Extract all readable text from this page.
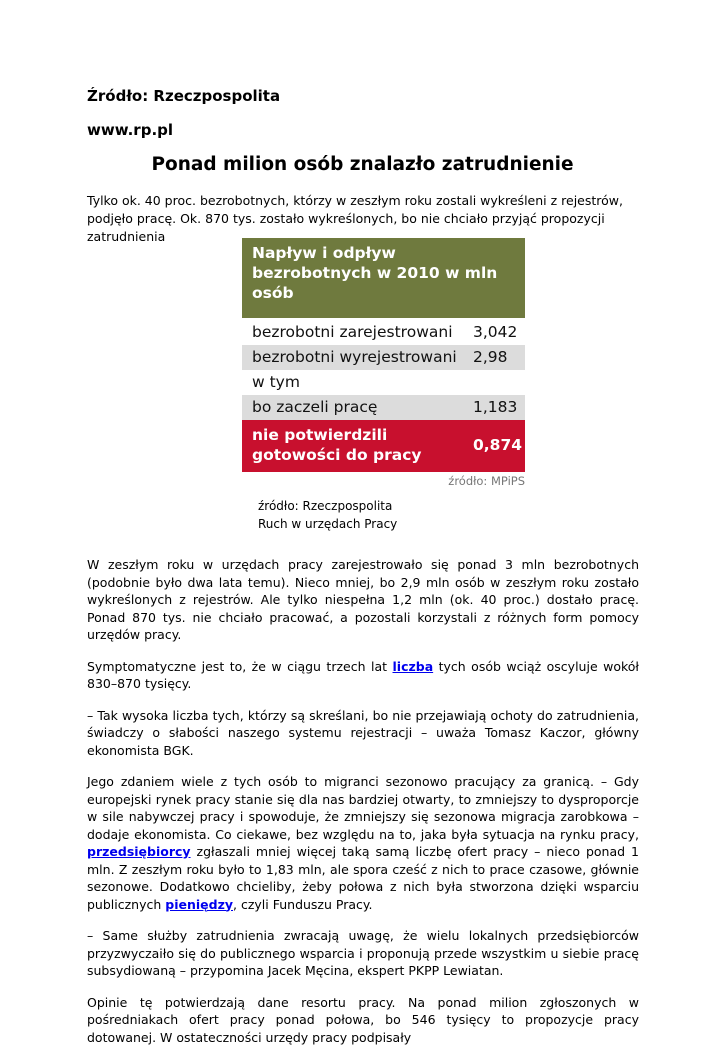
Źródło: Rzeczpospolita
www.rp.pl
Ponad milion osób znalazło zatrudnienie
Tylko ok. 40 proc. bezrobotnych, którzy w zeszłym roku zostali wykreśleni z rejestrów, podjęło pracę. Ok. 870 tys. zostało wykreślonych, bo nie chciało przyjąć propozycji zatrudnienia
Napływ i odpływ bezrobotnych w 2010 w mln osób
bezrobotni zarejestrowani 3,042
bezrobotni wyrejestrowani 2,98
w tym
bo zaczeli pracę	1,183
nie potwierdzili gotowości do pracy
0,874
źródło: MPiPS
źródło: Rzeczpospolita
Ruch w urzędach Pracy

W zeszłym roku w urzędach pracy zarejestrowało się ponad 3 mln bezrobotnych (podobnie było dwa lata temu). Nieco mniej, bo 2,9 mln osób w zeszłym roku zostało wykreślonych z rejestrów. Ale tylko niespełna 1,2 mln (ok. 40 proc.) dostało pracę. Ponad 870 tys. nie chciało pracować, a pozostali korzystali z różnych form pomocy urzędów pracy.

Symptomatyczne jest to, że w ciągu trzech lat liczba tych osób wciąż oscyluje wokół 830–870 tysięcy.

– Tak wysoka liczba tych, którzy są skreślani, bo nie przejawiają ochoty do zatrudnienia, świadczy o słabości naszego systemu rejestracji – uważa Tomasz Kaczor, główny ekonomista BGK.

Jego zdaniem wiele z tych osób to migranci sezonowo pracujący za granicą. – Gdy europejski rynek pracy stanie się dla nas bardziej otwarty, to zmniejszy to dysproporcje w sile nabywczej pracy i spowoduje, że zmniejszy się sezonowa migracja zarobkowa – dodaje ekonomista. Co ciekawe, bez względu na to, jaka była sytuacja na rynku pracy, przedsiębiorcy zgłaszali mniej więcej taką samą liczbę ofert pracy – nieco ponad 1 mln. Z zeszłym roku było to 1,83 mln, ale spora cześć z nich to prace czasowe, głównie sezonowe. Dodatkowo chcieliby, żeby połowa z nich była stworzona dzięki wsparciu publicznych pieniędzy, czyli Funduszu Pracy.

– Same służby zatrudnienia zwracają uwagę, że wielu lokalnych przedsiębiorców przyzwyczaiło się do publicznego wsparcia i proponują przede wszystkim u siebie pracę subsydiowaną – przypomina Jacek Męcina, ekspert PKPP Lewiatan.

Opinie tę potwierdzają dane resortu pracy. Na ponad milion zgłoszonych w pośredniakach ofert pracy ponad połowa, bo 546 tysięcy to propozycje pracy dotowanej. W ostateczności urzędy pracy podpisały
